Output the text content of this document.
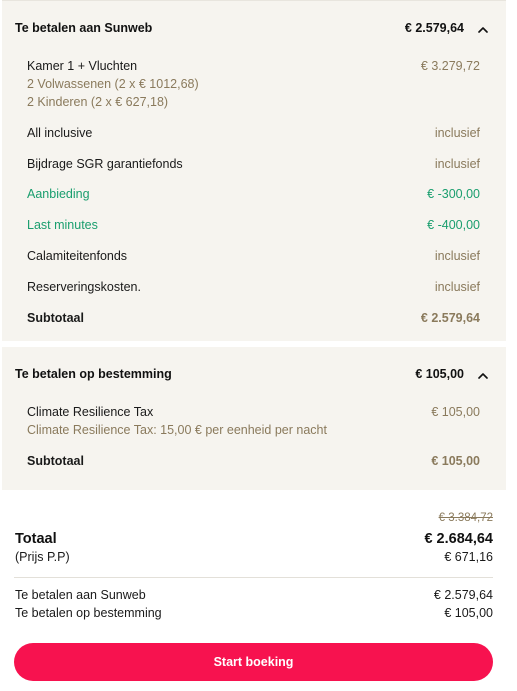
Te betalen aan Sunweb	€ 2.579,64
Kamer 1 + Vluchten	€ 3.279,72
2 Volwassenen (2 x € 1012,68)
2 Kinderen (2 x € 627,18)
All inclusive	inclusief
Bijdrage SGR garantiefonds	inclusief
Aanbieding	€ -300,00
Last minutes	€ -400,00
Calamiteitenfonds	inclusief
Reserveringskosten.	inclusief
Subtotaal	€ 2.579,64
Te betalen op bestemming	€ 105,00
Climate Resilience Tax	€ 105,00
Climate Resilience Tax: 15,00 € per eenheid per nacht
Subtotaal	€ 105,00
€ 3.384,72
Totaal	€ 2.684,64
(Prijs P.P)	€ 671,16
Te betalen aan Sunweb	€ 2.579,64
Te betalen op bestemming	€ 105,00
Start boeking
